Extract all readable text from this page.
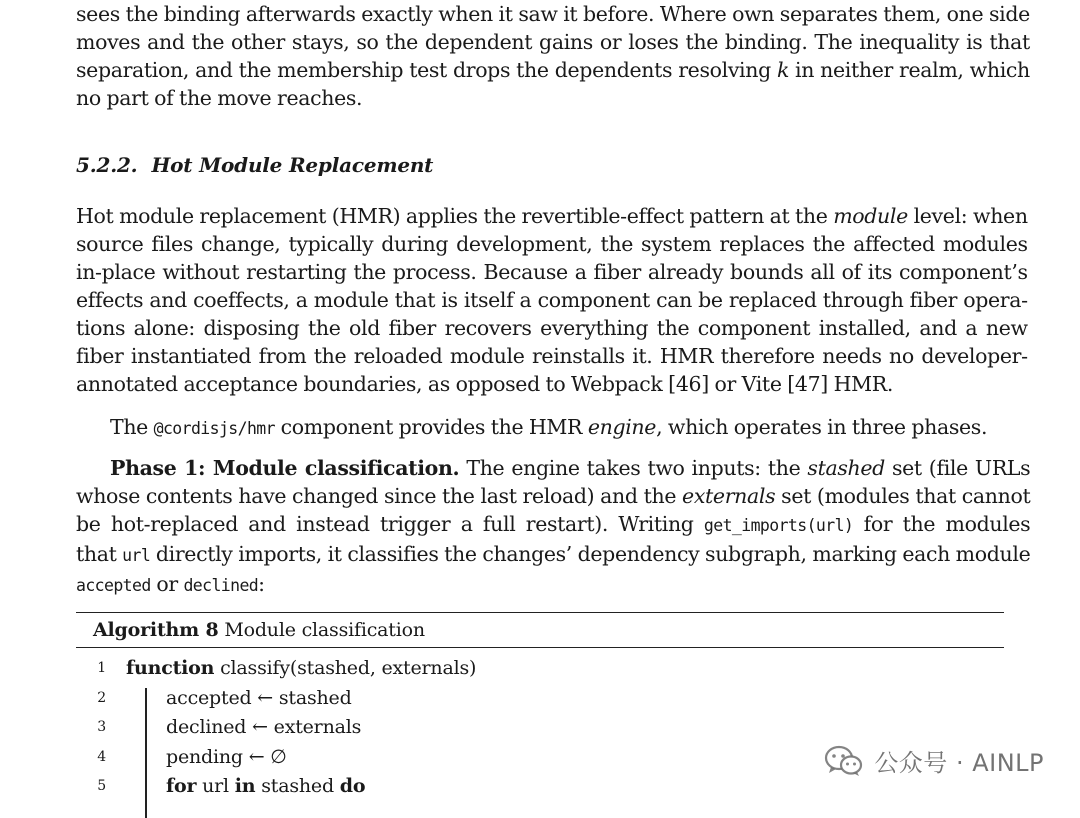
sees the binding afterwards exactly when it saw it before. Where own separates them, one side
moves and the other stays, so the dependent gains or loses the binding. The inequality is that
separation, and the membership test drops the dependents resolving k in neither realm, which
no part of the move reaches.
5.2.2. Hot Module Replacement
Hot module replacement (HMR) applies the revertible-effect pattern at the module level: when
source files change, typically during development, the system replaces the affected modules
in-place without restarting the process. Because a fiber already bounds all of its component’s
effects and coeffects, a module that is itself a component can be replaced through fiber opera-
tions alone: disposing the old fiber recovers everything the component installed, and a new
fiber instantiated from the reloaded module reinstalls it. HMR therefore needs no developer-
annotated acceptance boundaries, as opposed to Webpack [46] or Vite [47] HMR.
The @cordisjs/hmr component provides the HMR engine, which operates in three phases.
Phase 1: Module classification. The engine takes two inputs: the stashed set (file URLs
whose contents have changed since the last reload) and the externals set (modules that cannot
be hot-replaced and instead trigger a full restart). Writing get_imports(url) for the modules
that url directly imports, it classifies the changes’ dependency subgraph, marking each module
accepted or declined:
Algorithm 8 Module classification
1 function classify(stashed, externals)
2	accepted ← stashed
3	declined ← externals
4	pending ← ∅
5	for url in stashed do
公众号 · AINLP
